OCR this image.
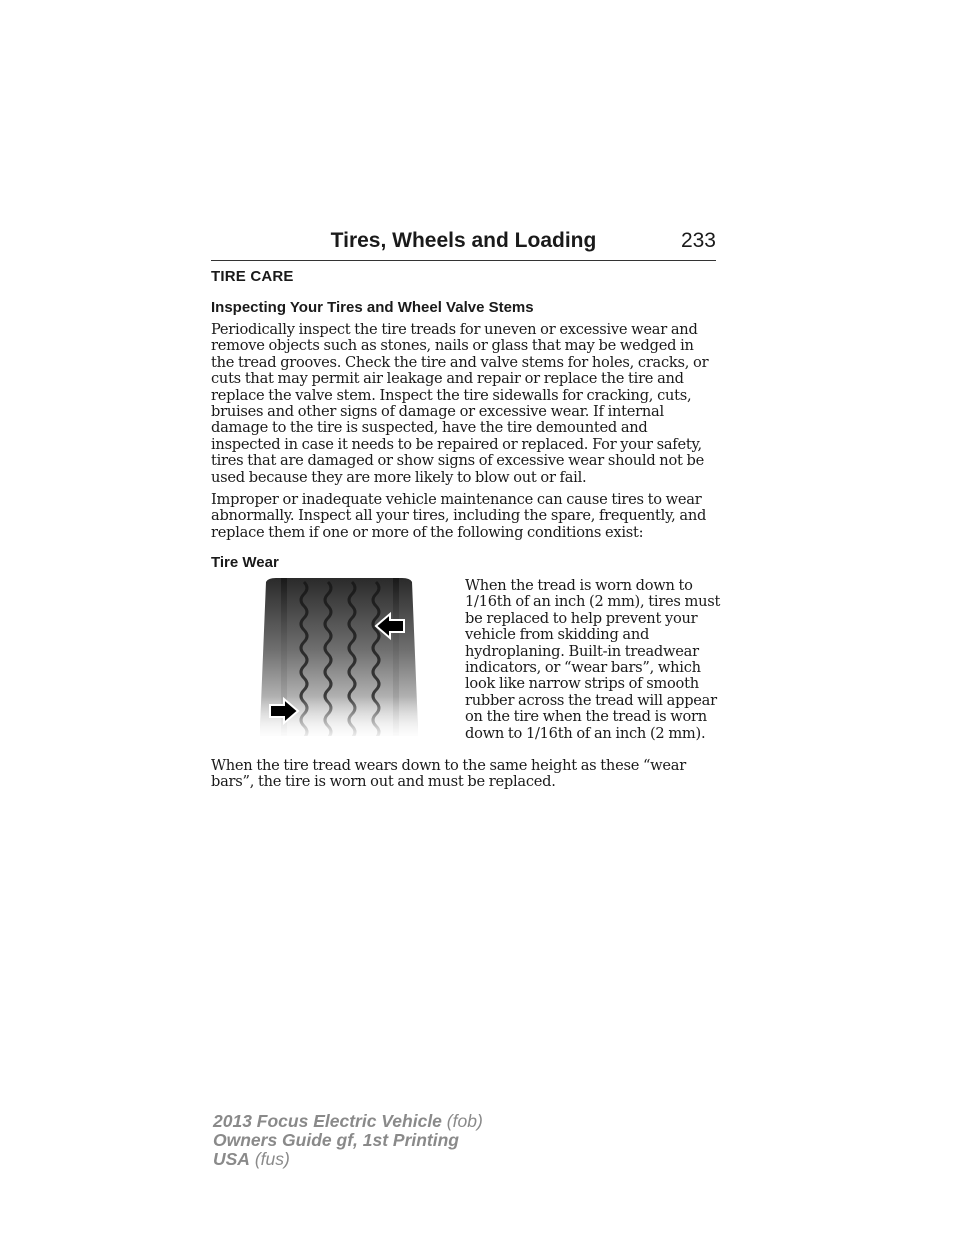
Tires, Wheels and Loading	233
TIRE CARE
Inspecting Your Tires and Wheel Valve Stems

Periodically inspect the tire treads for uneven or excessive wear and remove objects such as stones, nails or glass that may be wedged in the tread grooves. Check the tire and valve stems for holes, cracks, or cuts that may permit air leakage and repair or replace the tire and replace the valve stem. Inspect the tire sidewalls for cracking, cuts, bruises and other signs of damage or excessive wear. If internal damage to the tire is suspected, have the tire demounted and inspected in case it needs to be repaired or replaced. For your safety, tires that are damaged or show signs of excessive wear should not be used because they are more likely to blow out or fail.

Improper or inadequate vehicle maintenance can cause tires to wear abnormally. Inspect all your tires, including the spare, frequently, and replace them if one or more of the following conditions exist:

Tire Wear

When the tread is worn down to 1/16th of an inch (2 mm), tires must be replaced to help prevent your vehicle from skidding and hydroplaning. Built-in treadwear indicators, or “wear bars”, which look like narrow strips of smooth rubber across the tread will appear on the tire when the tread is worn down to 1/16th of an inch (2 mm).

When the tire tread wears down to the same height as these “wear bars”, the tire is worn out and must be replaced.

2013 Focus Electric Vehicle (fob)
Owners Guide gf, 1st Printing
USA (fus)
